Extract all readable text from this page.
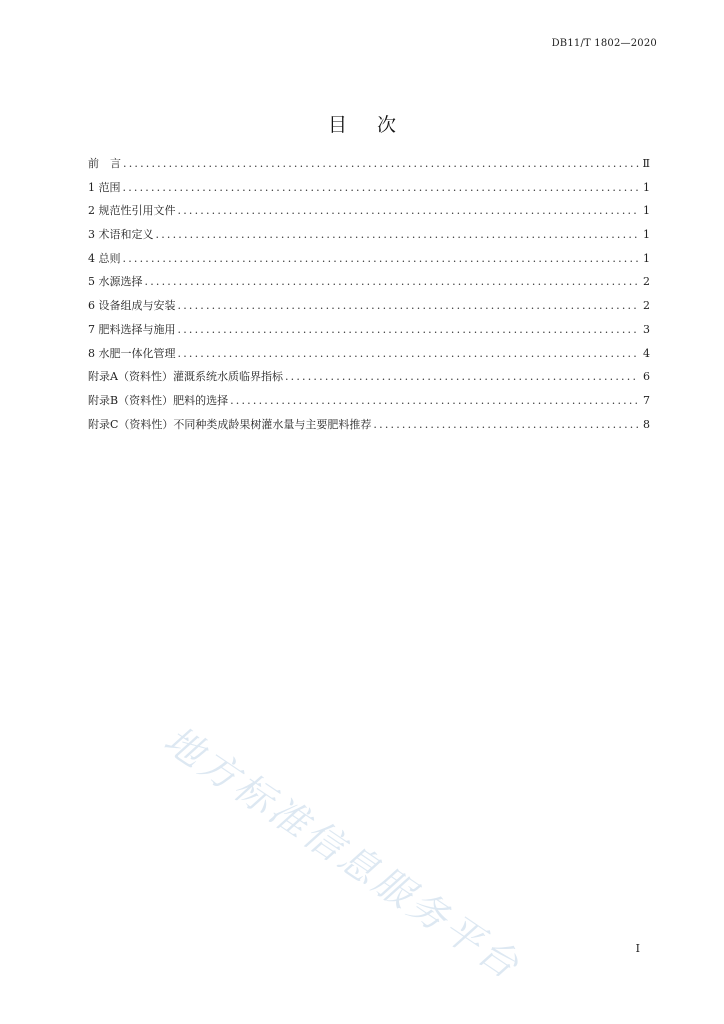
DB11/T 1802—2020
目 次
前　言 .....	Ⅱ
1 范围 .....	1
2 规范性引用文件 .....	1
3 术语和定义 .....	1
4 总则 .....	1
5 水源选择 .....	2
6 设备组成与安装 .....	2
7 肥料选择与施用 .....	3
8 水肥一体化管理 .....	4
附录A（资料性）灌溉系统水质临界指标 .....	6
附录B（资料性）肥料的选择 .....	7
附录C（资料性）不同种类成龄果树灌水量与主要肥料推荐 .....	8
地方标准信息服务平台	I
